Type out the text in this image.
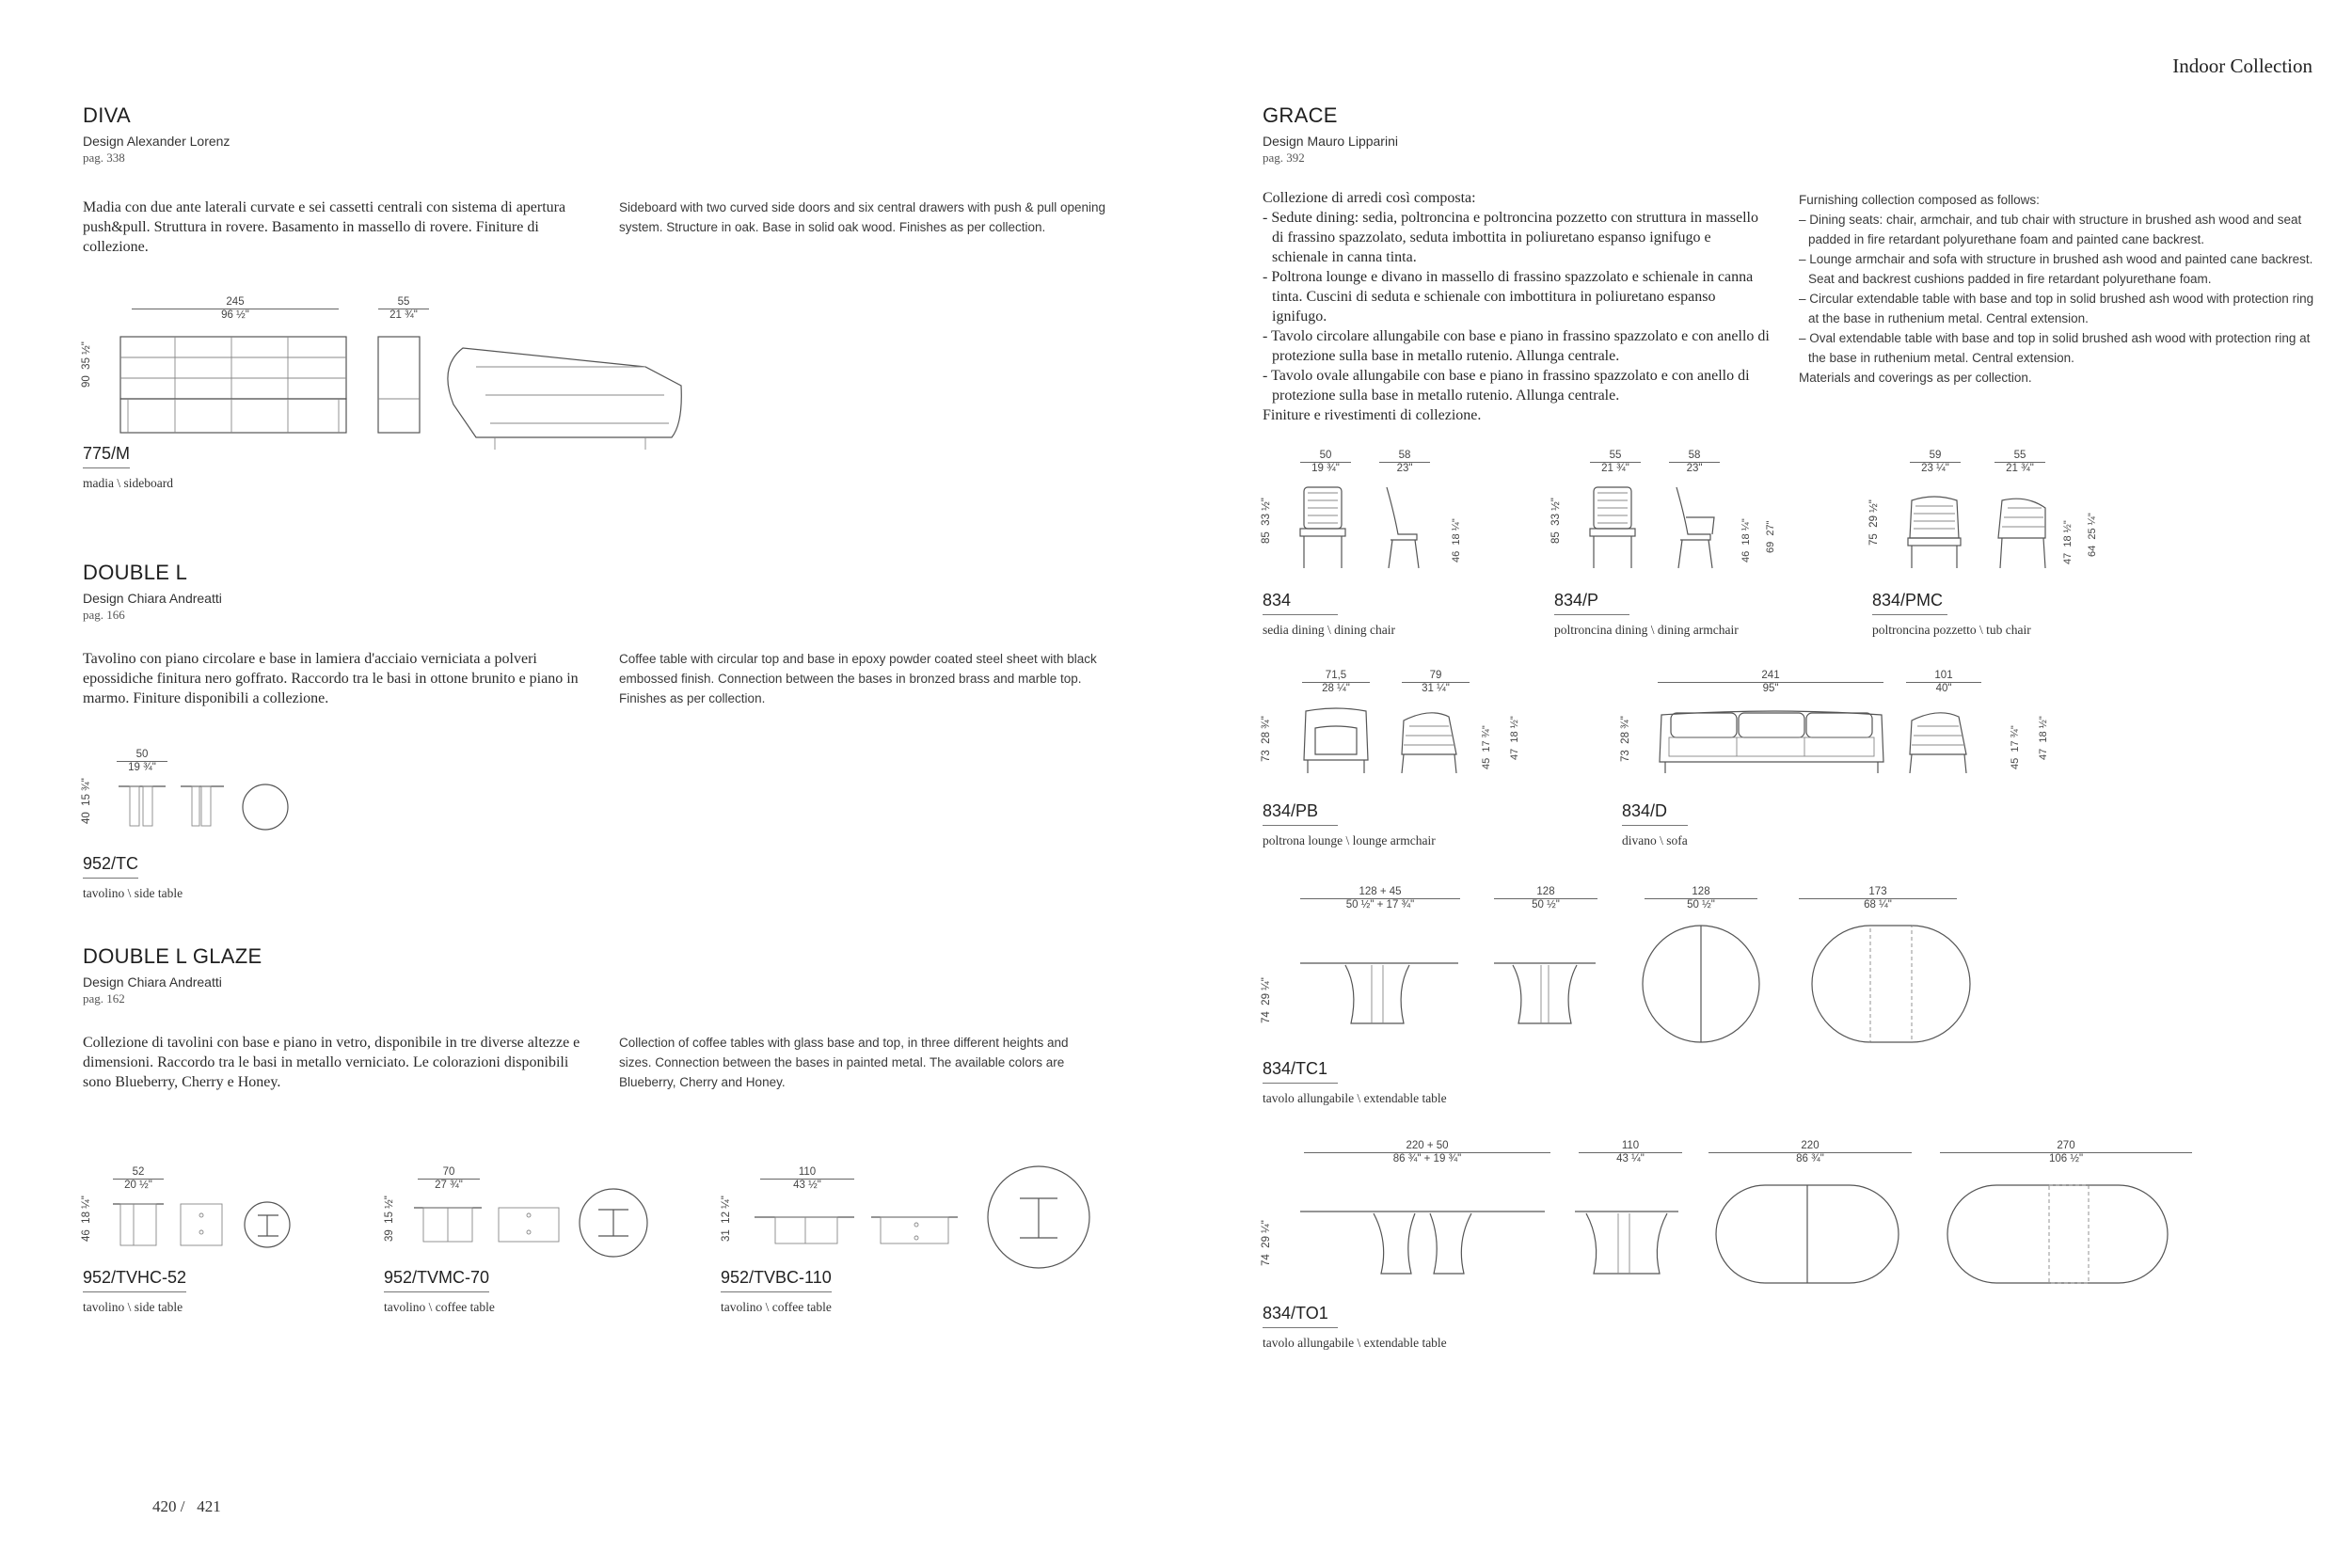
Indoor Collection
DIVA
Design Alexander Lorenz
pag. 338
Madia con due ante laterali curvate e sei cassetti centrali con sistema di apertura push&pull. Struttura in rovere. Basamento in massello di rovere. Finiture di collezione.
Sideboard with two curved side doors and six central drawers with push & pull opening system. Structure in oak. Base in solid oak wood. Finishes as per collection.
245
96 ½"
55
21 ¾"
90  35 ½"
775/M
madia \ sideboard
DOUBLE L
Design Chiara Andreatti
pag. 166
Tavolino con piano circolare e base in lamiera d'acciaio verniciata a polveri epossidiche finitura nero goffrato. Raccordo tra le basi in ottone brunito e piano in marmo. Finiture disponibili a collezione.
Coffee table with circular top and base in epoxy powder coated steel sheet with black embossed finish. Connection between the bases in bronzed brass and marble top. Finishes as per collection.
50
19 ¾"
40  15 ¾"
952/TC
tavolino \ side table
DOUBLE L GLAZE
Design Chiara Andreatti
pag. 162
Collezione di tavolini con base e piano in vetro, disponibile in tre diverse altezze e dimensioni. Raccordo tra le basi in metallo verniciato. Le colorazioni disponibili sono Blueberry, Cherry e Honey.
Collection of coffee tables with glass base and top, in three different heights and sizes. Connection between the bases in painted metal. The available colors are Blueberry, Cherry and Honey.
52
20 ½"
46  18 ¼"
952/TVHC-52
tavolino \ side table
70
27 ¾"
39  15 ½"
952/TVMC-70
tavolino \ coffee table
110
43 ½"
31  12 ¼"
952/TVBC-110
tavolino \ coffee table
420 /   421
GRACE
Design Mauro Lipparini
pag. 392
Collezione di arredi così composta:
- Sedute dining: sedia, poltroncina e poltroncina pozzetto con struttura in massello di frassino spazzolato, seduta imbottita in poliuretano espanso ignifugo e schienale in canna tinta.
- Poltrona lounge e divano in massello di frassino spazzolato e schienale in canna tinta. Cuscini di seduta e schienale con imbottitura in poliuretano espanso ignifugo.
- Tavolo circolare allungabile con base e piano in frassino spazzolato e con anello di protezione sulla base in metallo rutenio. Allunga centrale.
- Tavolo ovale allungabile con base e piano in frassino spazzolato e con anello di protezione sulla base in metallo rutenio. Allunga centrale.
Finiture e rivestimenti di collezione.
Furnishing collection composed as follows:
– Dining seats: chair, armchair, and tub chair with structure in brushed ash wood and seat padded in fire retardant polyurethane foam and painted cane backrest.
– Lounge armchair and sofa with structure in brushed ash wood and painted cane backrest. Seat and backrest cushions padded in fire retardant polyurethane foam.
– Circular extendable table with base and top in solid brushed ash wood with protection ring at the base in ruthenium metal. Central extension.
– Oval extendable table with base and top in solid brushed ash wood with protection ring at the base in ruthenium metal. Central extension.
Materials and coverings as per collection.
50
19 ¾"
58
23"
85  33 ½"
46  18 ¼"
834
sedia dining \ dining chair
55
21 ¾"
58
23"
85  33 ½"
46  18 ¼"
69  27"
834/P
poltroncina dining \ dining armchair
59
23 ¼"
55
21 ¾"
75  29 ½"
47  18 ½"
64  25 ¼"
834/PMC
poltroncina pozzetto \ tub chair
71,5
28 ¼"
79
31 ¼"
73  28 ¾"
45  17 ¾"
47  18 ½"
834/PB
poltrona lounge \ lounge armchair
241
95"
101
40"
73  28 ¾"
45  17 ¾"
47  18 ½"
834/D
divano \ sofa
128 + 45
50 ½" + 17 ¾"
128
50 ½"
128
50 ½"
173
68 ¼"
74  29 ¼"
834/TC1
tavolo allungabile \ extendable table
220 + 50
86 ¾" + 19 ¾"
110
43 ¼"
220
86 ¾"
270
106 ½"
74  29 ¼"
834/TO1
tavolo allungabile \ extendable table
